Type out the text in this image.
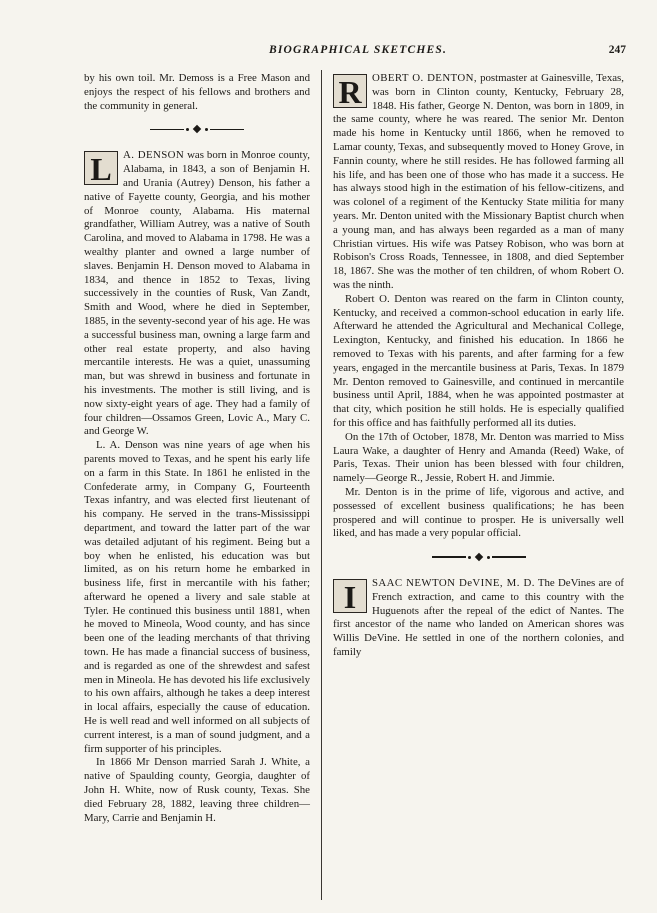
BIOGRAPHICAL SKETCHES.	247

by his own toil. Mr. Demoss is a Free Mason and enjoys the respect of his fellows and brothers and the community in general.

L	A. DENSON was born in Monroe county, Alabama, in 1843, a son of Benjamin H. and Urania (Autrey) Denson, his father a native of Fayette county, Georgia, and his mother of Monroe county, Alabama. His maternal grandfather, William Autrey, was a native of South Carolina, and moved to Alabama in 1798. He was a wealthy planter and owned a large number of slaves. Benjamin H. Denson moved to Alabama in 1834, and thence in 1852 to Texas, living successively in the counties of Rusk, Van Zandt, Smith and Wood, where he died in September, 1885, in the seventy-second year of his age. He was a successful business man, owning a large farm and other real estate property, and also having mercantile interests. He was a quiet, unassuming man, but was shrewd in business and fortunate in his investments. The mother is still living, and is now sixty-eight years of age. They had a family of four children—Ossamos Green, Lovic A., Mary C. and George W.

L. A. Denson was nine years of age when his parents moved to Texas, and he spent his early life on a farm in this State. In 1861 he enlisted in the Confederate army, in Company G, Fourteenth Texas infantry, and was elected first lieutenant of his company. He served in the trans-Mississippi department, and toward the latter part of the war was detailed adjutant of his regiment. Being but a boy when he enlisted, his education was but limited, as on his return home he embarked in business life, first in mercantile with his father; afterward he opened a livery and sale stable at Tyler. He continued this business until 1881, when he moved to Mineola, Wood county, and has since been one of the leading merchants of that thriving town. He has made a financial success of business, and is regarded as one of the shrewdest and safest men in Mineola. He has devoted his life exclusively to his own affairs, although he takes a deep interest in local affairs, especially the cause of education. He is well read and well informed on all subjects of current interest, is a man of sound judgment, and a firm supporter of his principles.

In 1866 Mr Denson married Sarah J. White, a native of Spaulding county, Georgia, daughter of John H. White, now of Rusk county, Texas. She died February 28, 1882, leaving three children—Mary, Carrie and Benjamin H.

R OBERT O. DENTON, postmaster at Gainesville, Texas, was born in Clinton county, Kentucky, February 28, 1848. His father, George N. Denton, was born in 1809, in the same county, where he was reared. The senior Mr. Denton made his home in Kentucky until 1866, when he removed to Lamar county, Texas, and subsequently moved to Honey Grove, in Fannin county, where he still resides. He has followed farming all his life, and has been one of those who has made it a success. He has always stood high in the estimation of his fellow-citizens, and was colonel of a regiment of the Kentucky State militia for many years. Mr. Denton united with the Missionary Baptist church when a young man, and has always been regarded as a man of many Christian virtues. His wife was Patsey Robison, who was born at Robison's Cross Roads, Tennessee, in 1808, and died September 18, 1867. She was the mother of ten children, of whom Robert O. was the ninth.

Robert O. Denton was reared on the farm in Clinton county, Kentucky, and received a common-school education in early life. Afterward he attended the Agricultural and Mechanical College, Lexington, Kentucky, and finished his education. In 1866 he removed to Texas with his parents, and after farming for a few years, engaged in the mercantile business at Paris, Texas. In 1879 Mr. Denton removed to Gainesville, and continued in mercantile business until April, 1884, when he was appointed postmaster at that city, which position he still holds. He is especially qualified for this office and has faithfully performed all its duties.

On the 17th of October, 1878, Mr. Denton was married to Miss Laura Wake, a daughter of Henry and Amanda (Reed) Wake, of Paris, Texas. Their union has been blessed with four children, namely—George R., Jessie, Robert H. and Jimmie.

Mr. Denton is in the prime of life, vigorous and active, and possessed of excellent business qualifications; he has been prospered and will continue to prosper. He is universally well liked, and has made a very popular official.

I	SAAC NEWTON DeVINE, M. D. The DeVines are of French extraction, and came to this country with the Huguenots after the repeal of the edict of Nantes. The first ancestor of the name who landed on American shores was Willis DeVine. He settled in one of the northern colonies, and family
